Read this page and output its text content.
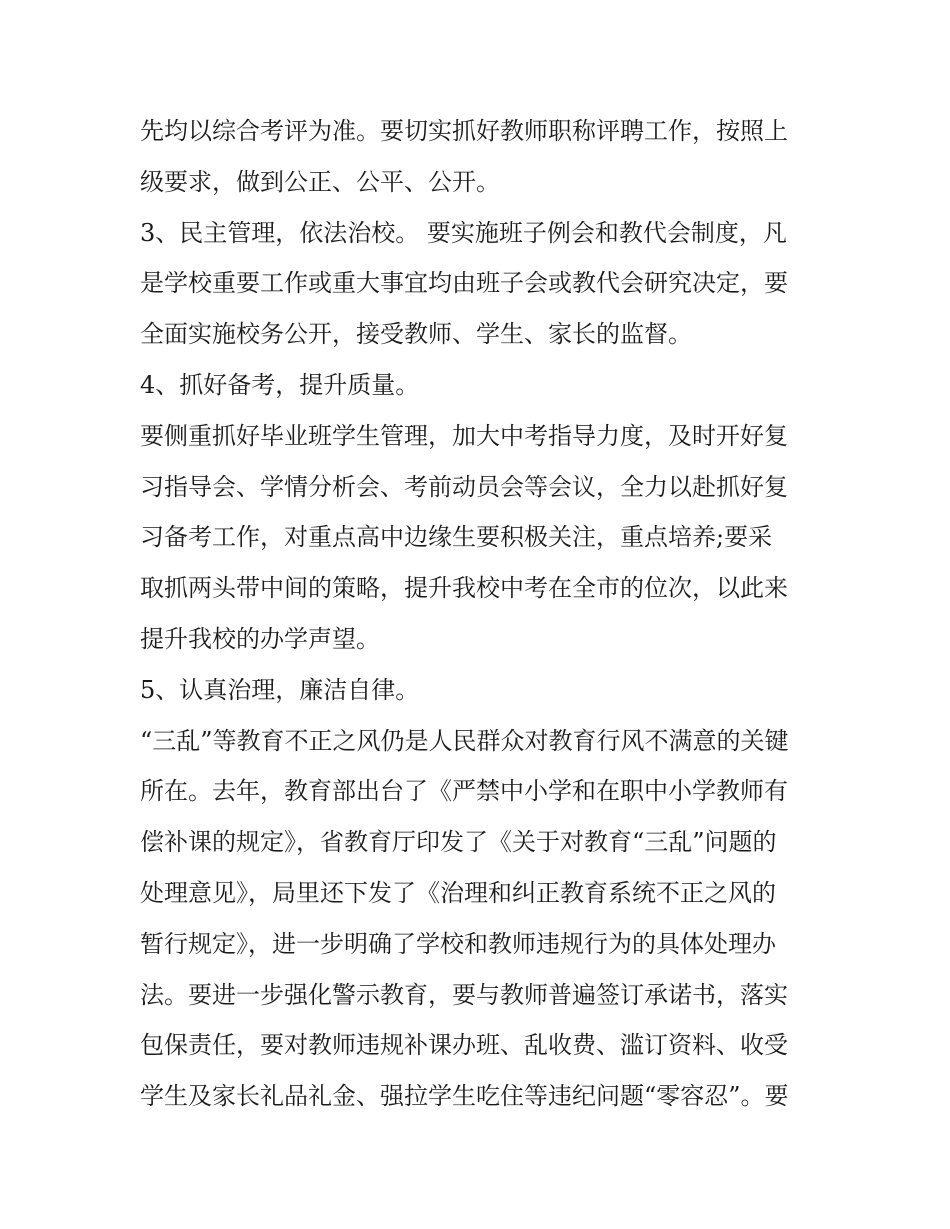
先均以综合考评为准。要切实抓好教师职称评聘工作，按照上
级要求，做到公正、公平、公开。
3、民主管理，依法治校。 要实施班子例会和教代会制度，凡
是学校重要工作或重大事宜均由班子会或教代会研究决定，要
全面实施校务公开，接受教师、学生、家长的监督。
4、抓好备考，提升质量。
要侧重抓好毕业班学生管理，加大中考指导力度，及时开好复
习指导会、学情分析会、考前动员会等会议，全力以赴抓好复
习备考工作，对重点高中边缘生要积极关注，重点培养;要采
取抓两头带中间的策略，提升我校中考在全市的位次，以此来
提升我校的办学声望。
5、认真治理，廉洁自律。
“三乱”等教育不正之风仍是人民群众对教育行风不满意的关键
所在。去年，教育部出台了《严禁中小学和在职中小学教师有
偿补课的规定》，省教育厅印发了《关于对教育“三乱”问题的
处理意见》，局里还下发了《治理和纠正教育系统不正之风的
暂行规定》，进一步明确了学校和教师违规行为的具体处理办
法。要进一步强化警示教育，要与教师普遍签订承诺书，落实
包保责任，要对教师违规补课办班、乱收费、滥订资料、收受
学生及家长礼品礼金、强拉学生吃住等违纪问题“零容忍”。要
